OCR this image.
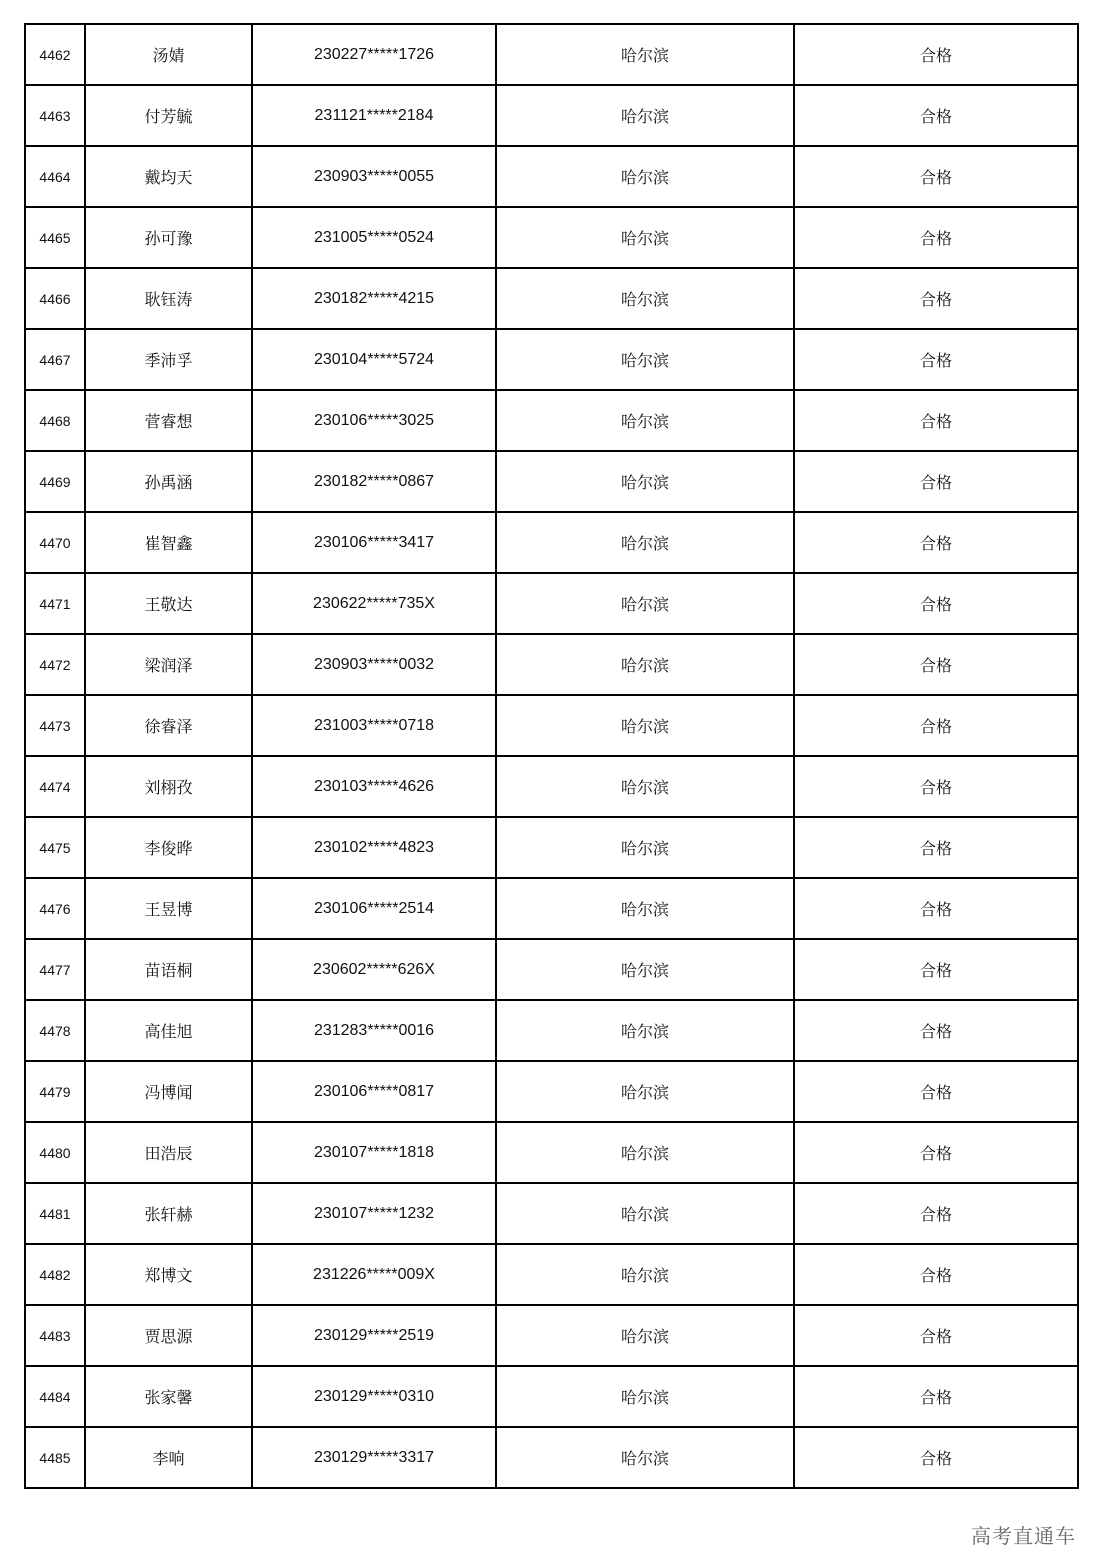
4462	汤婧	230227*****1726	哈尔滨	合格
4463	付芳毓	231121*****2184	哈尔滨	合格
4464	戴均天	230903*****0055	哈尔滨	合格
4465	孙可豫	231005*****0524	哈尔滨	合格
4466	耿钰涛	230182*****4215	哈尔滨	合格
4467	季沛孚	230104*****5724	哈尔滨	合格
4468	菅睿想	230106*****3025	哈尔滨	合格
4469	孙禹涵	230182*****0867	哈尔滨	合格
4470	崔智鑫	230106*****3417	哈尔滨	合格
4471	王敬达	230622*****735X	哈尔滨	合格
4472	梁润泽	230903*****0032	哈尔滨	合格
4473	徐睿泽	231003*****0718	哈尔滨	合格
4474	刘栩孜	230103*****4626	哈尔滨	合格
4475	李俊晔	230102*****4823	哈尔滨	合格
4476	王昱博	230106*****2514	哈尔滨	合格
4477	苗语桐	230602*****626X	哈尔滨	合格
4478	高佳旭	231283*****0016	哈尔滨	合格
4479	冯博闻	230106*****0817	哈尔滨	合格
4480	田浩辰	230107*****1818	哈尔滨	合格
4481	张轩赫	230107*****1232	哈尔滨	合格
4482	郑博文	231226*****009X	哈尔滨	合格
4483	贾思源	230129*****2519	哈尔滨	合格
4484	张家馨	230129*****0310	哈尔滨	合格
4485	李响	230129*****3317	哈尔滨	合格
高考直通车
